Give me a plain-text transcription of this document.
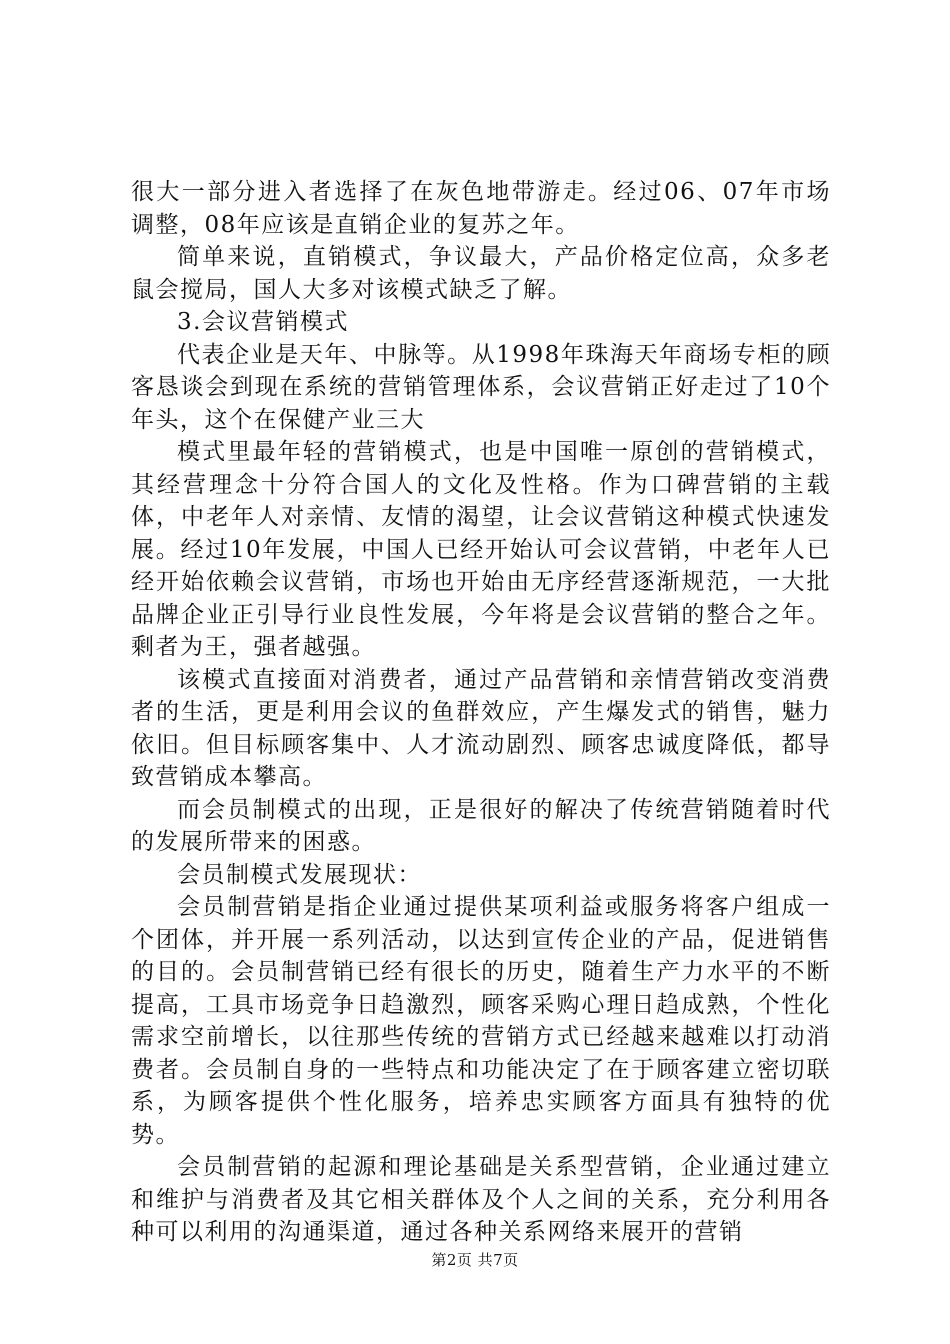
很大一部分进入者选择了在灰色地带游走。经过06、07年市场调整，08年应该是直销企业的复苏之年。

简单来说，直销模式，争议最大，产品价格定位高，众多老鼠会搅局，国人大多对该模式缺乏了解。

3.会议营销模式

代表企业是天年、中脉等。从1998年珠海天年商场专柜的顾客恳谈会到现在系统的营销管理体系，会议营销正好走过了10个年头，这个在保健产业三大

模式里最年轻的营销模式，也是中国唯一原创的营销模式，其经营理念十分符合国人的文化及性格。作为口碑营销的主载体，中老年人对亲情、友情的渴望，让会议营销这种模式快速发展。经过10年发展，中国人已经开始认可会议营销，中老年人已经开始依赖会议营销，市场也开始由无序经营逐渐规范，一大批品牌企业正引导行业良性发展，今年将是会议营销的整合之年。剩者为王，强者越强。

该模式直接面对消费者，通过产品营销和亲情营销改变消费者的生活，更是利用会议的鱼群效应，产生爆发式的销售，魅力依旧。但目标顾客集中、人才流动剧烈、顾客忠诚度降低，都导致营销成本攀高。

而会员制模式的出现，正是很好的解决了传统营销随着时代的发展所带来的困惑。

会员制模式发展现状：

会员制营销是指企业通过提供某项利益或服务将客户组成一个团体，并开展一系列活动，以达到宣传企业的产品，促进销售的目的。会员制营销已经有很长的历史，随着生产力水平的不断提高，工具市场竞争日趋激烈，顾客采购心理日趋成熟，个性化需求空前增长，以往那些传统的营销方式已经越来越难以打动消费者。会员制自身的一些特点和功能决定了在于顾客建立密切联系，为顾客提供个性化服务，培养忠实顾客方面具有独特的优势。

会员制营销的起源和理论基础是关系型营销，企业通过建立和维护与消费者及其它相关群体及个人之间的关系，充分利用各种可以利用的沟通渠道，通过各种关系网络来展开的营销

第2页 共7页
